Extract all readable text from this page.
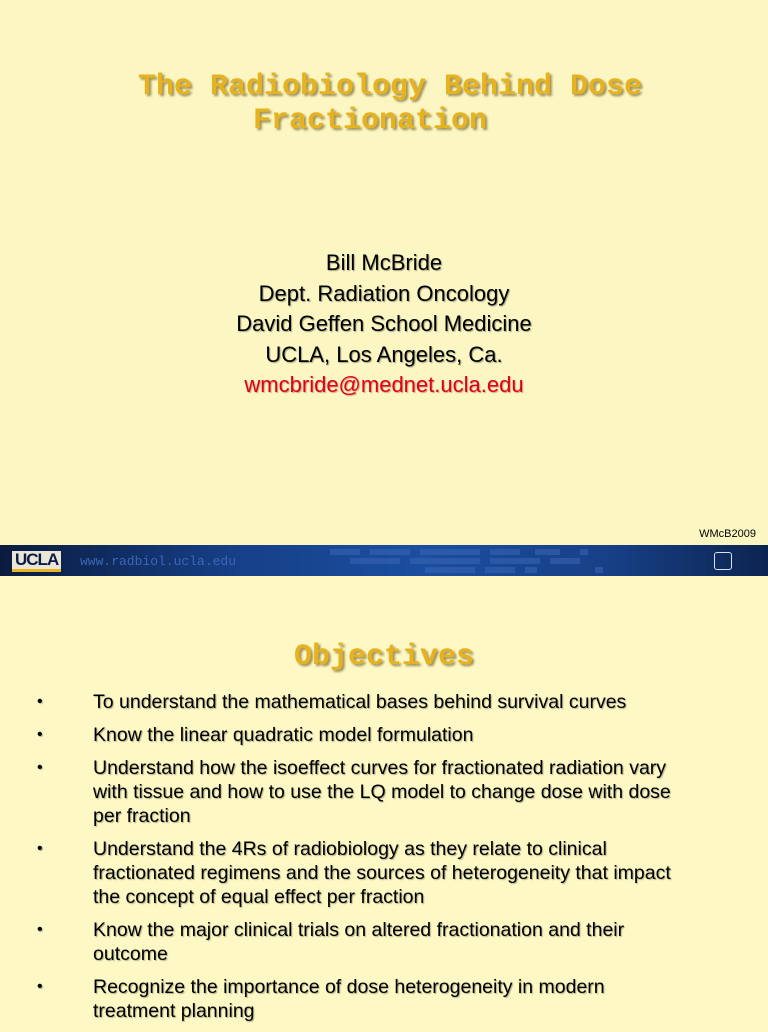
The Radiobiology Behind Dose
Fractionation
Bill McBride
Dept. Radiation Oncology
David Geffen School Medicine
UCLA, Los Angeles, Ca.
wmcbride@mednet.ucla.edu
WMcB2009
UCLA www.radbiol.ucla.edu
Objectives
•	To understand the mathematical bases behind survival curves
•	Know the linear quadratic model formulation
•	Understand how the isoeffect curves for fractionated radiation vary with tissue and how to use the LQ model to change dose with dose per fraction
•	Understand the 4Rs of radiobiology as they relate to clinical fractionated regimens and the sources of heterogeneity that impact the concept of equal effect per fraction
•	Know the major clinical trials on altered fractionation and their outcome
•	Recognize the importance of dose heterogeneity in modern treatment planning
